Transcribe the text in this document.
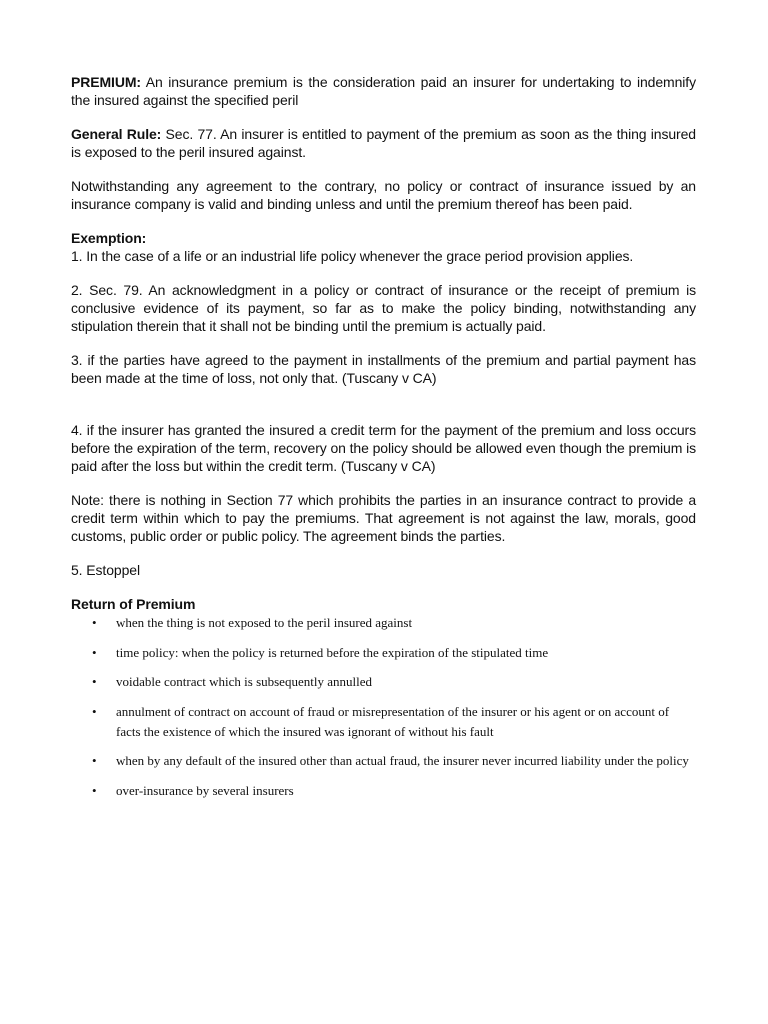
PREMIUM: An insurance premium is the consideration paid an insurer for undertaking to indemnify the insured against the specified peril

General Rule: Sec. 77. An insurer is entitled to payment of the premium as soon as the thing insured is exposed to the peril insured against.

Notwithstanding any agreement to the contrary, no policy or contract of insurance issued by an insurance company is valid and binding unless and until the premium thereof has been paid.

Exemption:

1. In the case of a life or an industrial life policy whenever the grace period provision applies.

2. Sec. 79. An acknowledgment in a policy or contract of insurance or the receipt of premium is conclusive evidence of its payment, so far as to make the policy binding, notwithstanding any stipulation therein that it shall not be binding until the premium is actually paid.

3. if the parties have agreed to the payment in installments of the premium and partial payment has been made at the time of loss, not only that. (Tuscany v CA)

4. if the insurer has granted the insured a credit term for the payment of the premium and loss occurs before the expiration of the term, recovery on the policy should be allowed even though the premium is paid after the loss but within the credit term. (Tuscany v CA)

Note: there is nothing in Section 77 which prohibits the parties in an insurance contract to provide a credit term within which to pay the premiums. That agreement is not against the law, morals, good customs, public order or public policy. The agreement binds the parties.

5. Estoppel

Return of Premium

• when the thing is not exposed to the peril insured against
• time policy: when the policy is returned before the expiration of the stipulated time
• voidable contract which is subsequently annulled
• annulment of contract on account of fraud or misrepresentation of the insurer or his agent or on account of facts the existence of which the insured was ignorant of without his fault
• when by any default of the insured other than actual fraud, the insurer never incurred liability under the policy
• over-insurance by several insurers
